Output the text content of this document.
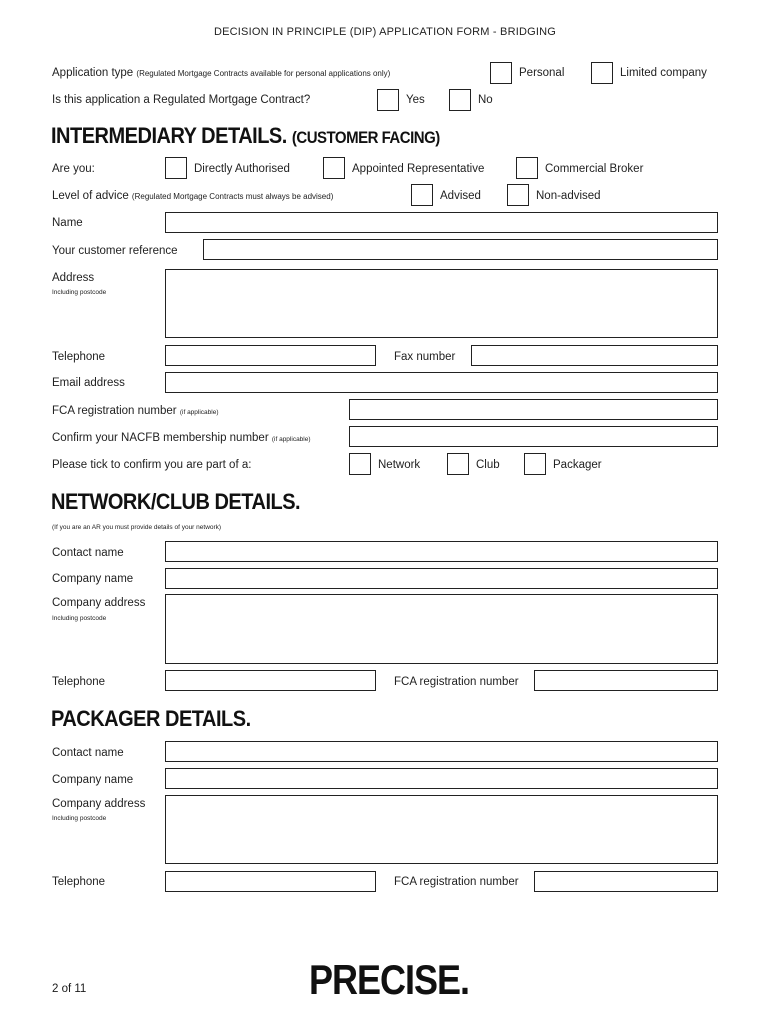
DECISION IN PRINCIPLE (DIP) APPLICATION FORM - BRIDGING
Application type (Regulated Mortgage Contracts available for personal applications only)	Personal	Limited company
Is this application a Regulated Mortgage Contract?	Yes	No
INTERMEDIARY DETAILS. (CUSTOMER FACING)
Are you:	Directly Authorised	Appointed Representative	Commercial Broker
Level of advice (Regulated Mortgage Contracts must always be advised)	Advised	Non-advised
Name
Your customer reference
Address
Including postcode
Telephone	Fax number
Email address
FCA registration number (if applicable)
Confirm your NACFB membership number (if applicable)
Please tick to confirm you are part of a:	Network	Club	Packager
NETWORK/CLUB DETAILS.
(If you are an AR you must provide details of your network)
Contact name
Company name
Company address
Including postcode
Telephone	FCA registration number
PACKAGER DETAILS.
Contact name
Company name
Company address
Including postcode
Telephone	FCA registration number
2 of 11	PRECISE.
